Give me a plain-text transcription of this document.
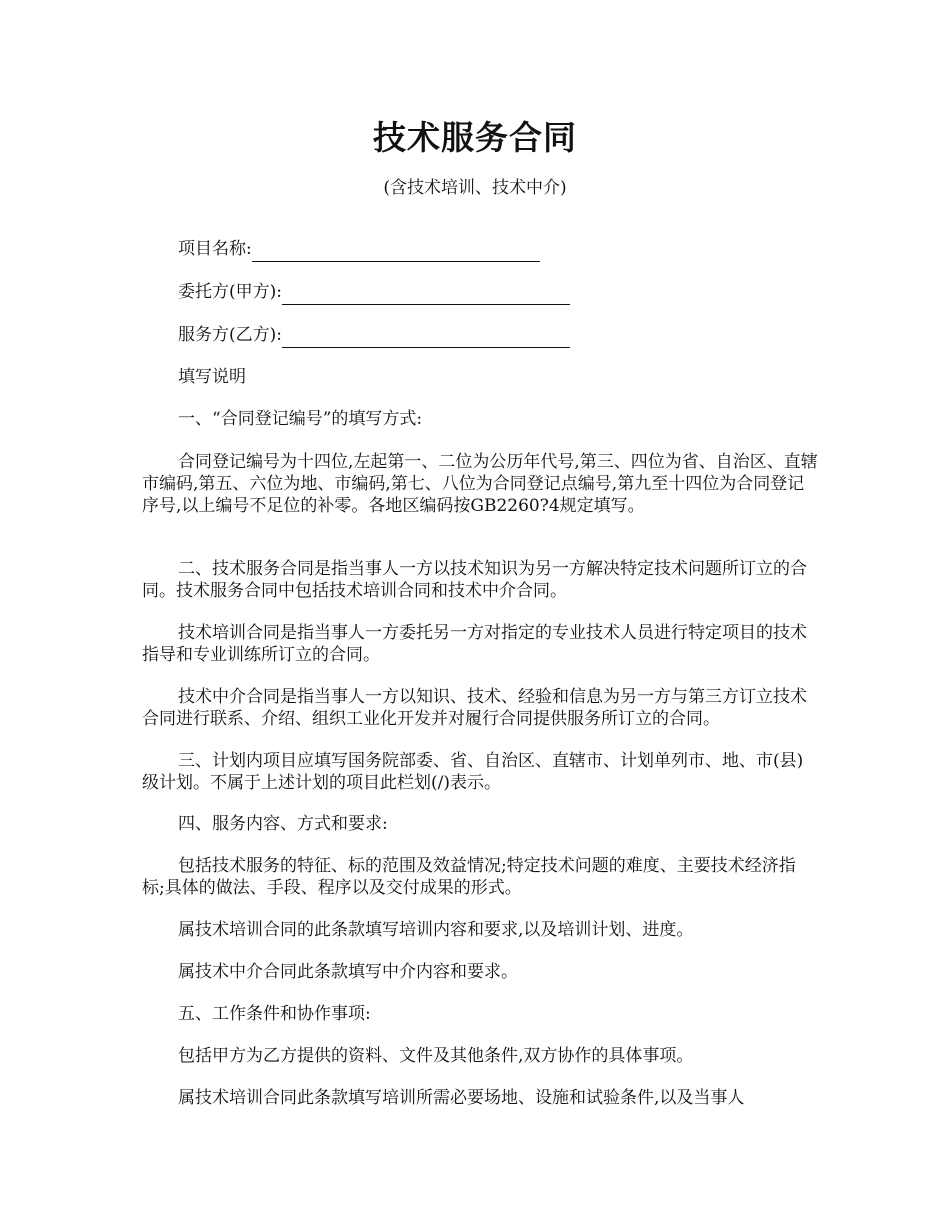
技术服务合同
(含技术培训、技术中介)
项目名称:
委托方(甲方):
服务方(乙方):

填写说明

一、“合同登记编号”的填写方式:

合同登记编号为十四位,左起第一、二位为公历年代号,第三、四位为省、自治区、直辖市编码,第五、六位为地、市编码,第七、八位为合同登记点编号,第九至十四位为合同登记序号,以上编号不足位的补零。各地区编码按GB2260?4规定填写。

二、技术服务合同是指当事人一方以技术知识为另一方解决特定技术问题所订立的合同。技术服务合同中包括技术培训合同和技术中介合同。

技术培训合同是指当事人一方委托另一方对指定的专业技术人员进行特定项目的技术指导和专业训练所订立的合同。

技术中介合同是指当事人一方以知识、技术、经验和信息为另一方与第三方订立技术合同进行联系、介绍、组织工业化开发并对履行合同提供服务所订立的合同。

三、计划内项目应填写国务院部委、省、自治区、直辖市、计划单列市、地、市(县)级计划。不属于上述计划的项目此栏划(/)表示。

四、服务内容、方式和要求:

包括技术服务的特征、标的范围及效益情况;特定技术问题的难度、主要技术经济指标;具体的做法、手段、程序以及交付成果的形式。

属技术培训合同的此条款填写培训内容和要求,以及培训计划、进度。

属技术中介合同此条款填写中介内容和要求。

五、工作条件和协作事项:

包括甲方为乙方提供的资料、文件及其他条件,双方协作的具体事项。

属技术培训合同此条款填写培训所需必要场地、设施和试验条件,以及当事人
